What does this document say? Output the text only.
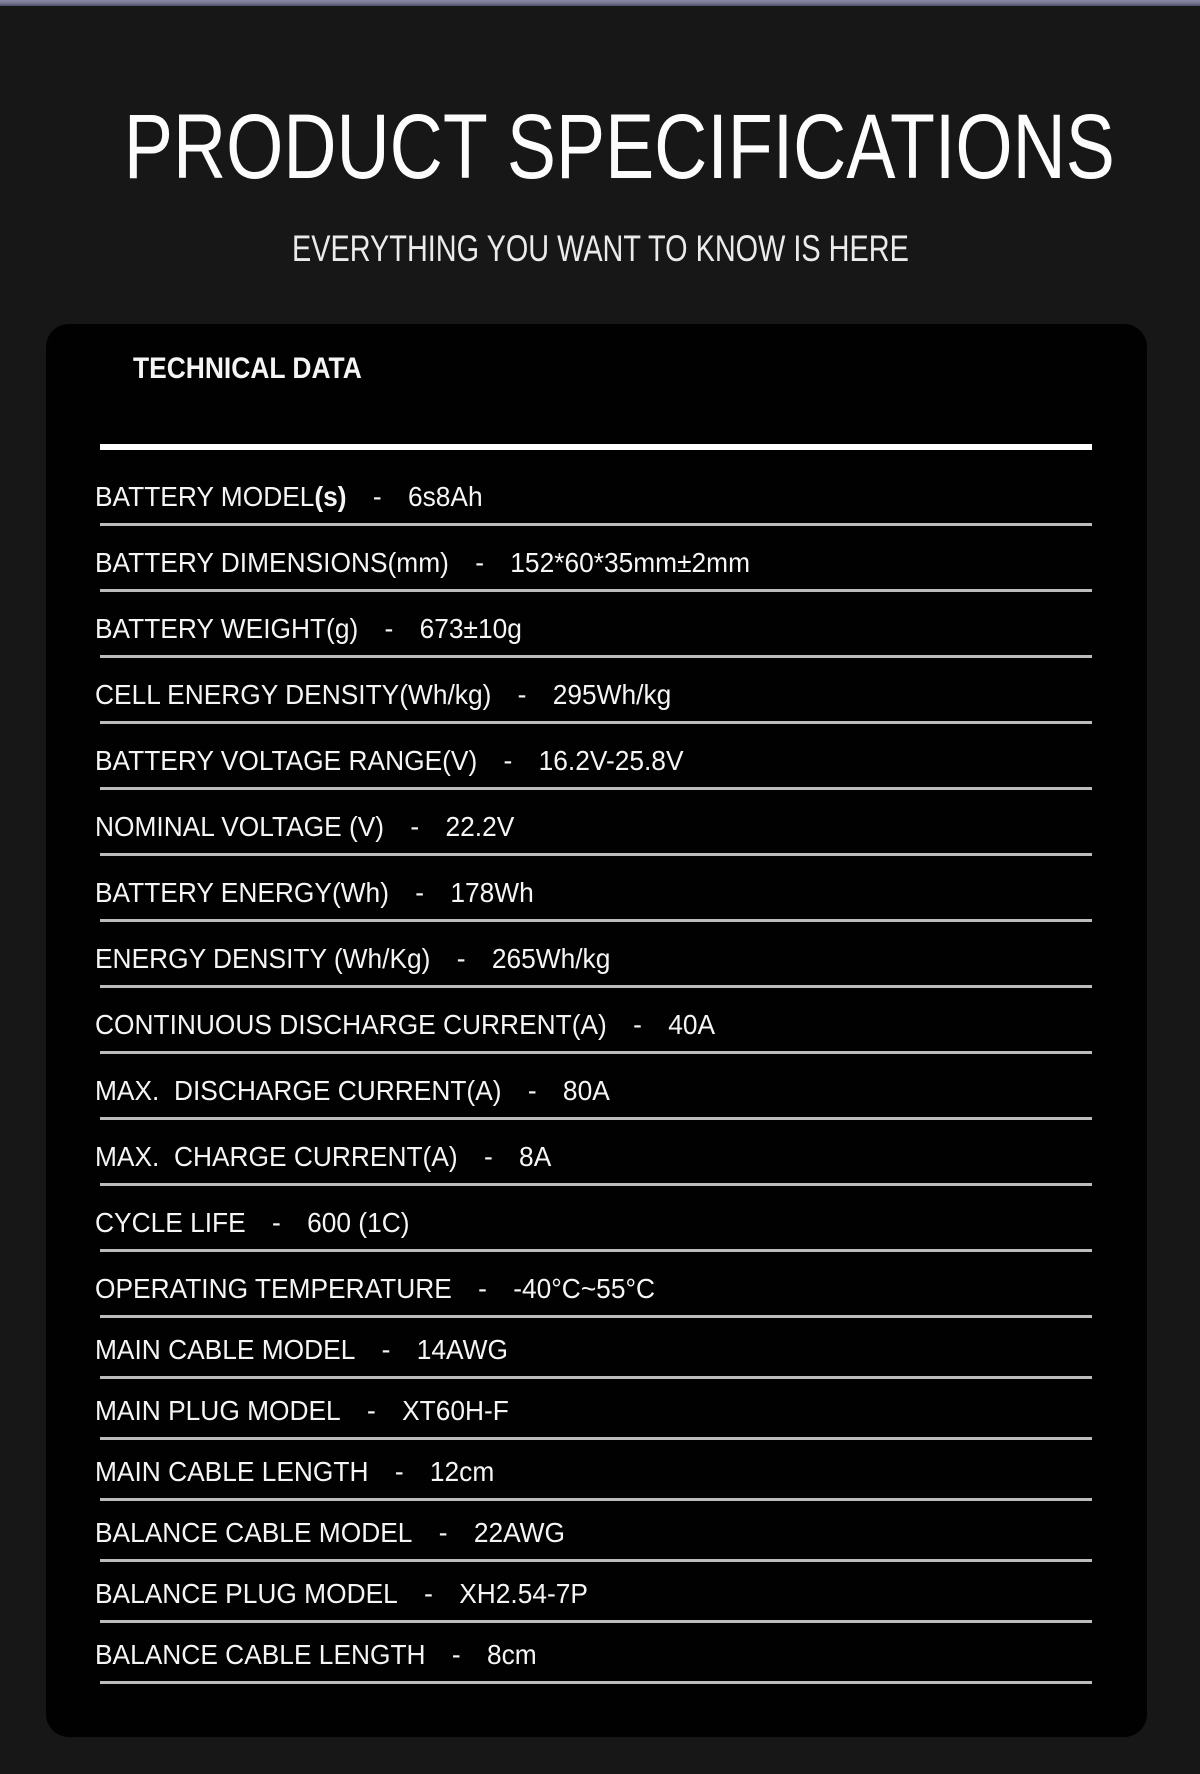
PRODUCT SPECIFICATIONS

EVERYTHING YOU WANT TO KNOW IS HERE

TECHNICAL DATA

BATTERY MODEL(s) - 6s8Ah
BATTERY DIMENSIONS(mm) - 152*60*35mm±2mm
BATTERY WEIGHT(g) - 673±10g
CELL ENERGY DENSITY(Wh/kg) - 295Wh/kg
BATTERY VOLTAGE RANGE(V) - 16.2V-25.8V
NOMINAL VOLTAGE (V) - 22.2V
BATTERY ENERGY(Wh) - 178Wh
ENERGY DENSITY (Wh/Kg) - 265Wh/kg
CONTINUOUS DISCHARGE CURRENT(A) - 40A
MAX.  DISCHARGE CURRENT(A) - 80A
MAX.  CHARGE CURRENT(A) - 8A
CYCLE LIFE - 600 (1C)
OPERATING TEMPERATURE - -40°C~55°C
MAIN CABLE MODEL - 14AWG
MAIN PLUG MODEL - XT60H-F
MAIN CABLE LENGTH - 12cm
BALANCE CABLE MODEL - 22AWG
BALANCE PLUG MODEL - XH2.54-7P
BALANCE CABLE LENGTH - 8cm
